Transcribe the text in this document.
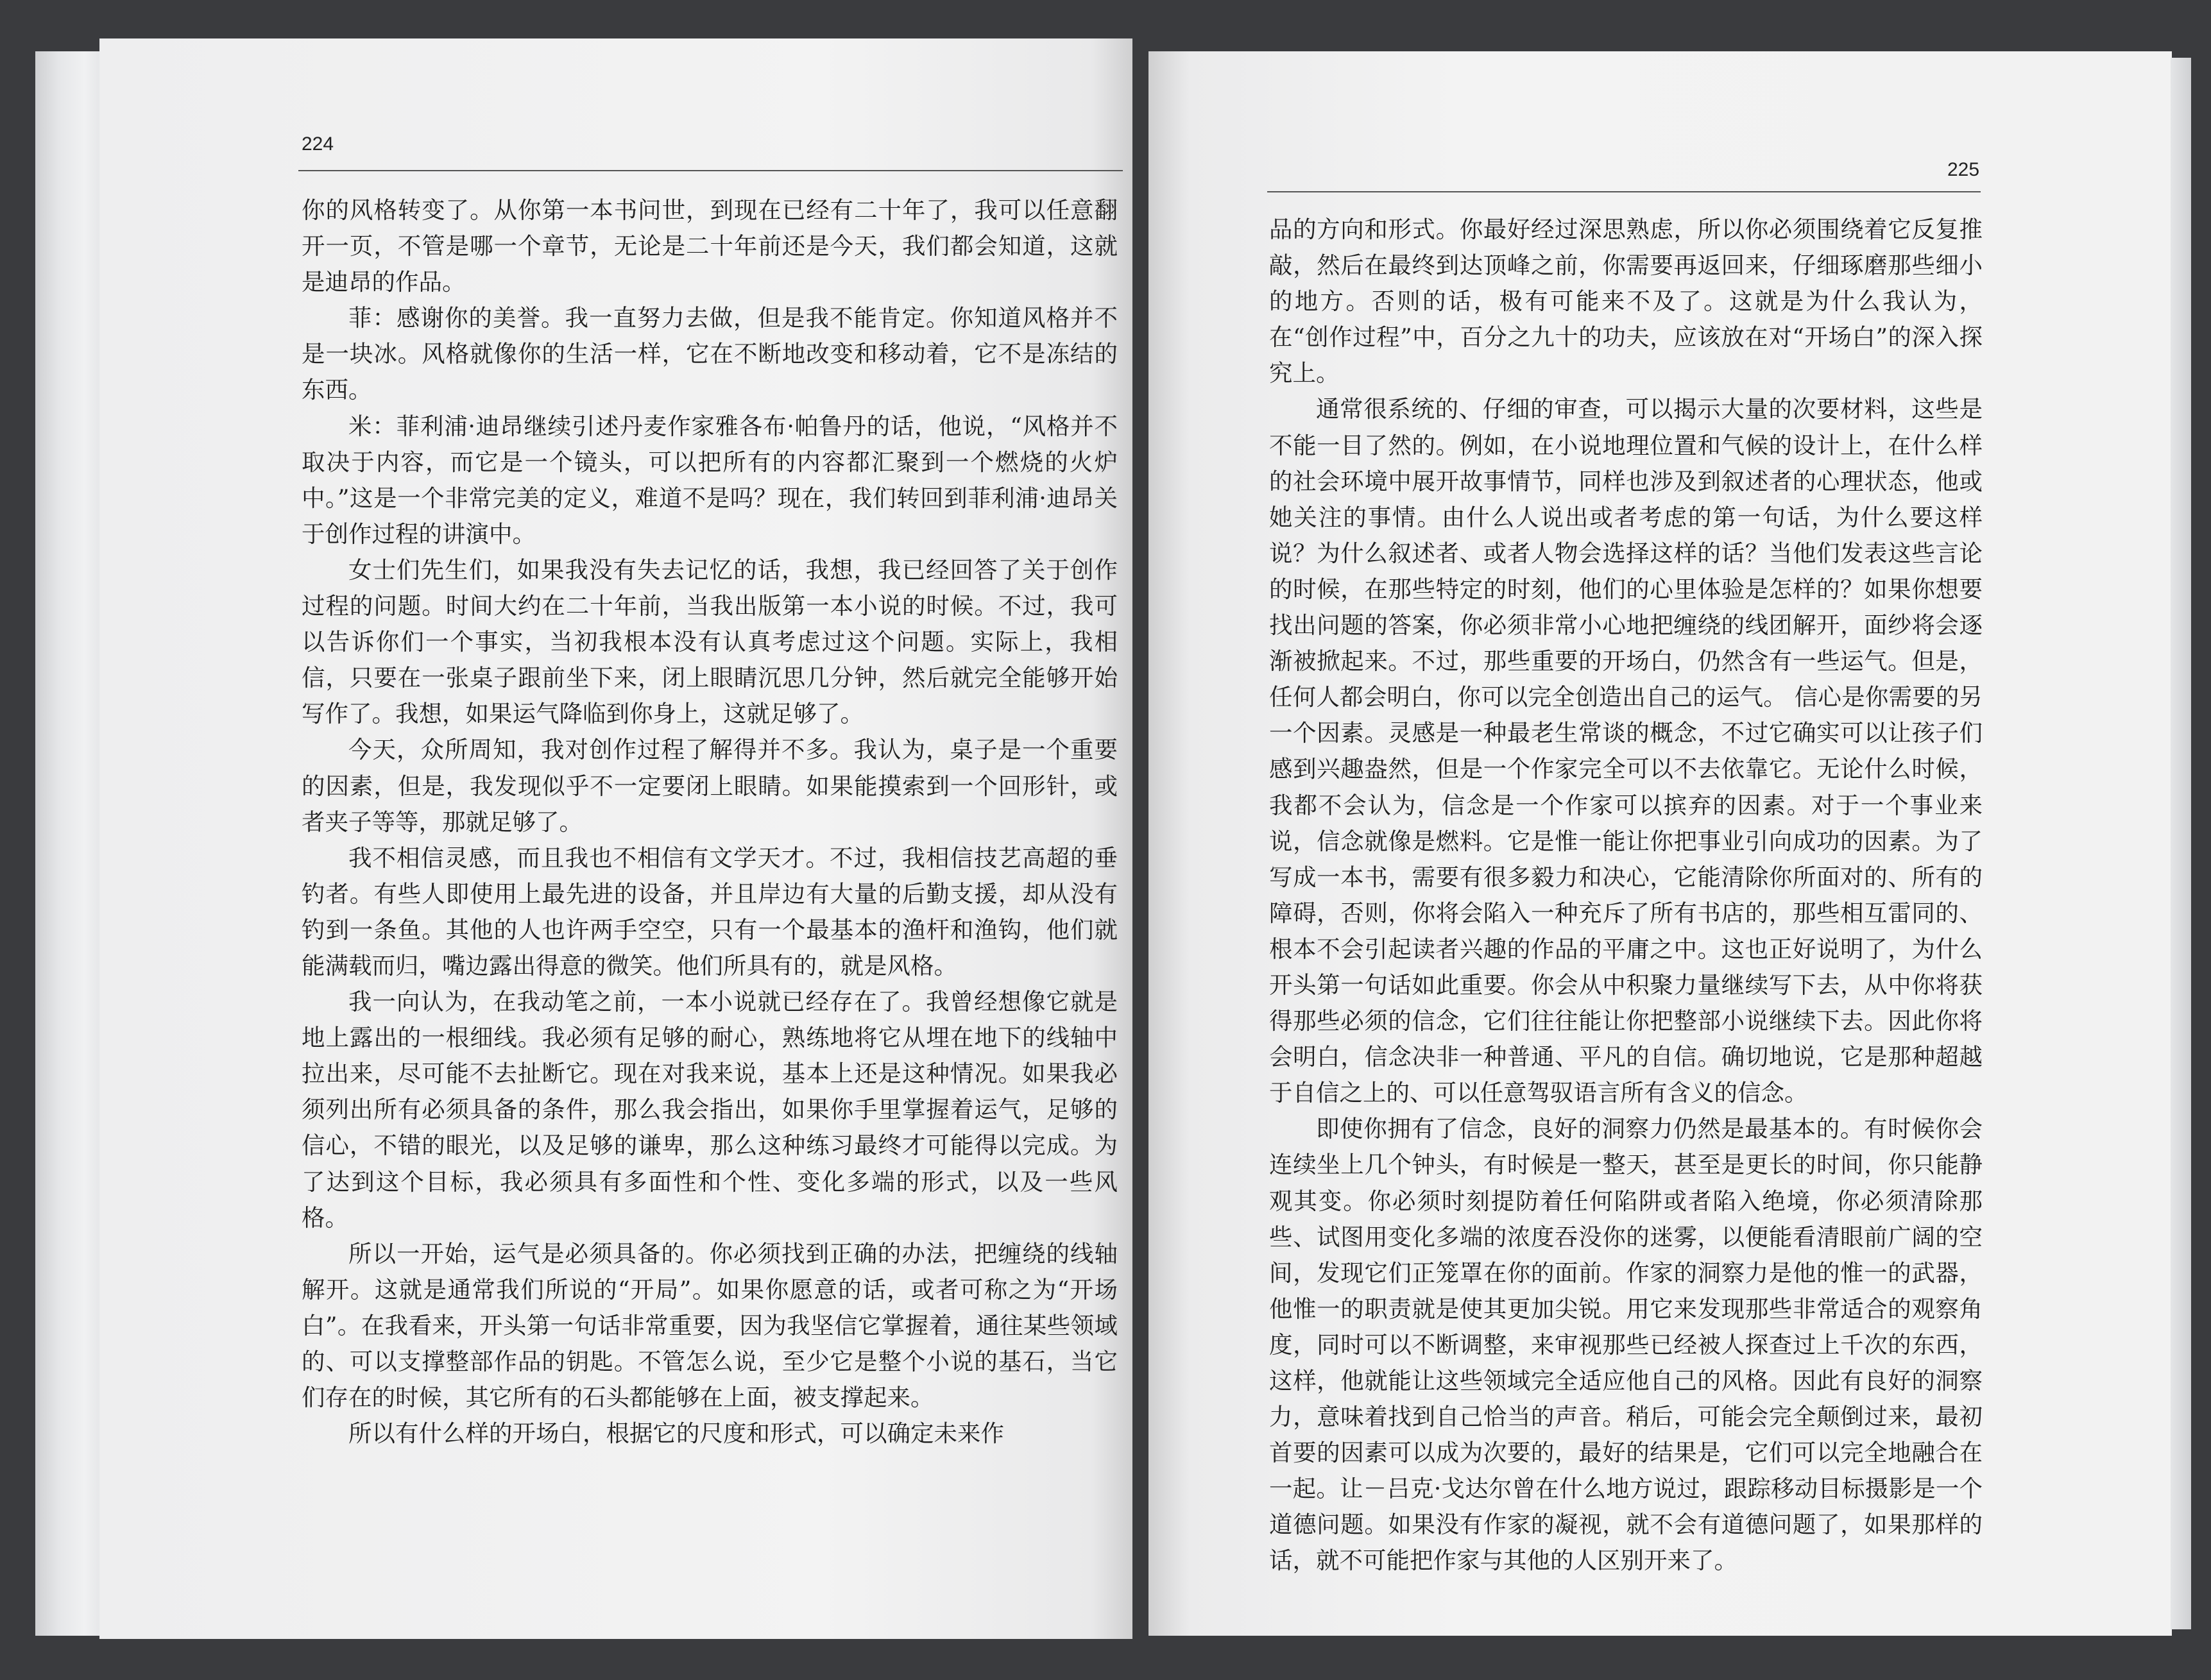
224

你的风格转变了。从你第一本书问世，到现在已经有二十年了，我可以任意翻开一页，不管是哪一个章节，无论是二十年前还是今天，我们都会知道，这就是迪昂的作品。

菲：感谢你的美誉。我一直努力去做，但是我不能肯定。你知道风格并不是一块冰。风格就像你的生活一样，它在不断地改变和移动着，它不是冻结的东西。

米：菲利浦·迪昂继续引述丹麦作家雅各布·帕鲁丹的话，他说，“风格并不取决于内容，而它是一个镜头，可以把所有的内容都汇聚到一个燃烧的火炉中。”这是一个非常完美的定义，难道不是吗？现在，我们转回到菲利浦·迪昂关于创作过程的讲演中。

女士们先生们，如果我没有失去记忆的话，我想，我已经回答了关于创作过程的问题。时间大约在二十年前，当我出版第一本小说的时候。不过，我可以告诉你们一个事实，当初我根本没有认真考虑过这个问题。实际上，我相信，只要在一张桌子跟前坐下来，闭上眼睛沉思几分钟，然后就完全能够开始写作了。我想，如果运气降临到你身上，这就足够了。

今天，众所周知，我对创作过程了解得并不多。我认为，桌子是一个重要的因素，但是，我发现似乎不一定要闭上眼睛。如果能摸索到一个回形针，或者夹子等等，那就足够了。

我不相信灵感，而且我也不相信有文学天才。不过，我相信技艺高超的垂钓者。有些人即使用上最先进的设备，并且岸边有大量的后勤支援，却从没有钓到一条鱼。其他的人也许两手空空，只有一个最基本的渔杆和渔钩，他们就能满载而归，嘴边露出得意的微笑。他们所具有的，就是风格。

我一向认为，在我动笔之前，一本小说就已经存在了。我曾经想像它就是地上露出的一根细线。我必须有足够的耐心，熟练地将它从埋在地下的线轴中拉出来，尽可能不去扯断它。现在对我来说，基本上还是这种情况。如果我必须列出所有必须具备的条件，那么我会指出，如果你手里掌握着运气，足够的信心，不错的眼光，以及足够的谦卑，那么这种练习最终才可能得以完成。为了达到这个目标，我必须具有多面性和个性、变化多端的形式，以及一些风格。

所以一开始，运气是必须具备的。你必须找到正确的办法，把缠绕的线轴解开。这就是通常我们所说的“开局”。如果你愿意的话，或者可称之为“开场白”。在我看来，开头第一句话非常重要，因为我坚信它掌握着，通往某些领域的、可以支撑整部作品的钥匙。不管怎么说，至少它是整个小说的基石，当它们存在的时候，其它所有的石头都能够在上面，被支撑起来。

所以有什么样的开场白，根据它的尺度和形式，可以确定未来作

225

品的方向和形式。你最好经过深思熟虑，所以你必须围绕着它反复推敲，然后在最终到达顶峰之前，你需要再返回来，仔细琢磨那些细小的地方。否则的话，极有可能来不及了。这就是为什么我认为，在“创作过程”中，百分之九十的功夫，应该放在对“开场白”的深入探究上。

通常很系统的、仔细的审查，可以揭示大量的次要材料，这些是不能一目了然的。例如，在小说地理位置和气候的设计上，在什么样的社会环境中展开故事情节，同样也涉及到叙述者的心理状态，他或她关注的事情。由什么人说出或者考虑的第一句话，为什么要这样说？为什么叙述者、或者人物会选择这样的话？当他们发表这些言论的时候，在那些特定的时刻，他们的心里体验是怎样的？如果你想要找出问题的答案，你必须非常小心地把缠绕的线团解开，面纱将会逐渐被掀起来。不过，那些重要的开场白，仍然含有一些运气。但是，任何人都会明白，你可以完全创造出自己的运气。 信心是你需要的另一个因素。灵感是一种最老生常谈的概念，不过它确实可以让孩子们感到兴趣盎然，但是一个作家完全可以不去依靠它。无论什么时候，我都不会认为，信念是一个作家可以摈弃的因素。对于一个事业来说，信念就像是燃料。它是惟一能让你把事业引向成功的因素。为了写成一本书，需要有很多毅力和决心，它能清除你所面对的、所有的障碍，否则，你将会陷入一种充斥了所有书店的，那些相互雷同的、根本不会引起读者兴趣的作品的平庸之中。这也正好说明了，为什么开头第一句话如此重要。你会从中积聚力量继续写下去，从中你将获得那些必须的信念，它们往往能让你把整部小说继续下去。因此你将会明白，信念决非一种普通、平凡的自信。确切地说，它是那种超越于自信之上的、可以任意驾驭语言所有含义的信念。

即使你拥有了信念，良好的洞察力仍然是最基本的。有时候你会连续坐上几个钟头，有时候是一整天，甚至是更长的时间，你只能静观其变。你必须时刻提防着任何陷阱或者陷入绝境，你必须清除那些、试图用变化多端的浓度吞没你的迷雾，以便能看清眼前广阔的空间，发现它们正笼罩在你的面前。作家的洞察力是他的惟一的武器，他惟一的职责就是使其更加尖锐。用它来发现那些非常适合的观察角度，同时可以不断调整，来审视那些已经被人探查过上千次的东西，这样，他就能让这些领域完全适应他自己的风格。因此有良好的洞察力，意味着找到自己恰当的声音。稍后，可能会完全颠倒过来，最初首要的因素可以成为次要的，最好的结果是，它们可以完全地融合在一起。让－吕克·戈达尔曾在什么地方说过，跟踪移动目标摄影是一个道德问题。如果没有作家的凝视，就不会有道德问题了，如果那样的话，就不可能把作家与其他的人区别开来了。
